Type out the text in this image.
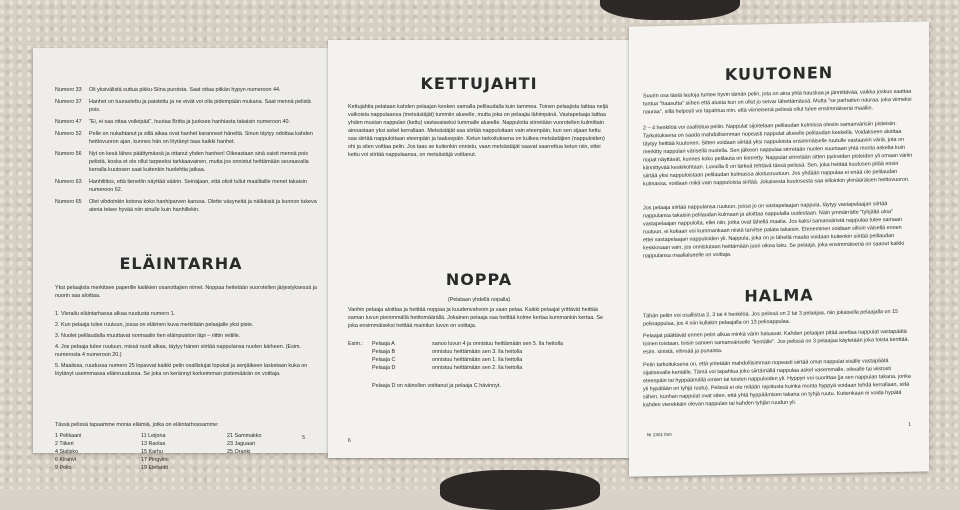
Numero 33	Oli yksivälistä suttua pikku-Siina puroista. Saat ottaa pitkän hypyn numeroon 44.
Numero 37	Hanhet on tuurastettu ja paistettu ja ne eivät voi olla pidempään mukana. Saat mennä pelistä pois.
Numero 47	"Ei, ei saa ottaa voileipää", huutaa Britta ja juoksee hanhiasta takaisin numeroon 40.
Numero 52	Pelle on nukahtanut ja sillä aikaa ovat hanhet karanneet häneltä. Sinun täytyy odottaa kahden heittovuoron ajan, kunnes hän on löytänyt taas kaikki hanhet.
Numero 56	Nyt on kesä lähes päättymässä ja ottanut yhden hanhen! Oikeastaan sinä saisit mennä pois pelistä, koska et ole ollut tarpeeksi tarkkaavainen, mutta jos onnistut heittämään seuraavalla kerralla kuutosen saat kuitenkin huolehtia jatkaa.
Numero 63	Hanhiliitos, että tienetlin näyttää väärin. Seinäjaan, että olisit tullut maalilaille menet takaisin numeroon 62.
Numero 65	Olet vihdoinkin kotona koko hanhiparven kanssa. Olette väsyneitä ja nälkäisiä ja kunnon tukeva ateria tekee hyvää niin sinulle kuin hanhillekin.
ELÄINTARHA
Yksi pelaajista merkitsee paperille kaikkien osanottajien nimet. Noppaa heitetään vuorotellen järjestyksessä ja nuorin saa aloittaa.
1. Vierailu eläintarhassa alkaa ruudusta numero 1.
2. Kun pelaaja tulee ruutuun, jossa on eläimen kuva merkitään pelaajalle yksi piste.
3. Nuolet pelilaudalla muuttavat normaalin tien eläinpuiston läpi – riittin reitille.
4. Jos pelaaja tulee ruutuun, missä nuoli alkaa, täytyy hänen siirtää nappulansa nuolen kärkeen. (Esim. numerosta 4 numeroon 20.)
5. Maalissa, ruudussa numero 25 lopavvat kaikki pelin osallistujat lopukal ja senjälkeen lasketaan kuka on löytänyt useimmassa eläinruudussa. Se joka on kerännyt korkeimman pistemäärän on voittaja.
Tässä pelissä tapaamme monia eläimiä, jotka on eläintarhossamme:
1 Pelikaani	11 Leijona	21 Sammakko
2 Tiikeri	13 Raolas	23 Jaguaari
4 Sialisko	15 Karhu	25 Oranki
6 Kirahvi	17 Pingviini
9 Pollo	19 Elefantti
5
KETTUJAHTI
Kettujahtia pelataan kahden pelaajan kesken samalla pelilaudalla kuin tammea. Toinen pelaajista laittaa neljä valkoista nappulaansa (metsästäjät) tummiin alueelle, mutta joka on pelaajia lähimpänä. Vastapelaaja laittaa yhden mustan nappulan (kettu) vastavaiseksi tummalle alueelle. Nappuloita siirretään vuorotellen kulmittain ainoastaan yksi askel kerrallaan. Metsästäjät saa siirtää nappuloitaan vain eteenpäin, kun sen sijaan kettu saa siirtää nappuloitaan eteenpäin ja taaksepäin. Ketun tarkoituksena on kulkea metsästäjien (nappuloiden) ohi ja siten voittaa pelin. Jos taas se kuitenkin onnistu, vaan metsästäjät saavat saarrettua ketun niin, ettei kettu voi siirtää nappulaansa, on metsästäjä voittanut.
NOPPA
(Pelataan yhdellä nopalla)
Vanhin pelaaja aloittaa ja heittää noppaa ja kuudenvahvoin ja vaan pelaa. Kaikki pelaajat yrittävät heittää saman luvun pienimmällä heittomäärällä. Jokainen pelaaja saa heittää kolme kertaa kummankin kertaa. Se joka ensimmäiseksi heittää mainitun luvun on voittaja.
Esim.:	Pelaaja A	sanoo luvun 4 ja onnistuu heittämään sen 5. lla heitolla
Pelaaja B	onnistuu heittämään sen 3. lla heitolla
Pelaaja C	onnistuu heittämään sen 1. lla heitolla
Pelaaja D	onnistuu heittämään sen 2. lla heitolla
Pelaaja D on näinollen voittanut ja pelaaja C hävinnyt.
6
KUUTONEN
Suurin osa tästä lautoja tuntee hyvin tämän pelin, jota on aina yhtä hauskaa ja jännittävää, vaikka joskus saattaa tuntua "haasutta" siihen että alusta kun on ollut jo seivar lähettämässä. Mutta "se parhaiten nauraa, joka viimeksi nauraa", sillä helposti voi tapahtua niin, että viimeisenä pelissä ollut tulee ensimmäisenä maaliin.
2 – 4 henkilöä voi osallistua peliin. Nappulat sijoitetaan pelilaudan kulmissa oleviin samanvärisiin pisteisiin. Tarkoituksena on saada mahdollisimman nopeasti nappulat alueelle pelilaudan keskellä. Voidakseen aloittaa täytyy heittää kuutonen. Sitten voidaan siirtää yksi nappuloista ensimmäiselle ruutulle vastaaviin väriä, jota on merkitty nappulan värisellä nuolella. Sen jälkeen nappulaa siirretään nuolen suuntaan yhtä monta askelta kuin nopat näyttävät, kunnes koko pelilauta on kierretty. Nappulat siirretään sitten pyöreiden pisteiden yli omaan väriin kiinnittyvää keskikohtaan. Luvuilla 6 on tärkeä tehtävä tässä pelissä. Sen, joka heittää kuutosen pitää ensin siirtää yksi nappuloistaan pelilaudan kulmassa aloitusruutuun. Jos yhdään nappulaa ei enää ole pelilaudan kulmassa, voidaan mikä vain nappuloista siirtää. Jokaisesta kuutosesta saa silloinkin ylimääräisen heittovuoron.
Jos pelaaja siirtää nappulansa ruutuun, jossa jo on vastapelaajan nappula, täytyy vastapelaajan siirtää nappulansa takaisin pelilaudan kulmaan ja aloittaa nappulalla uudestaan. Näin ymmärrätte "tyhjältä uloa" vastapelaajan nappuloita, ellei niin, jotka ovat lähellä maalia. Jos kaksi samanväristä nappulaa tulee samaan ruutuun, ei kukaan voi kummankaan niistä tarvitse palata takaisin. Eteneminen voidaan silloin väisellä ennen ettei vastapelaajan nappuloiden yli. Nappula, joka on jo lähellä maalia voidaan kuitenkin siirtää pelilaudan keskiosaan vain, jos onnistutaan heittämään juuri oikea luku. Se pelaaja, joka ensimmäisenä on saanut kaikki nappulansa maalialueelle on voittaja.
HALMA
Tähän peliin voi osallistua 2, 3 tai 4 henkilöä. Jos pelissä on 2 tai 3 pelaajaa, niin jokaisella pelaajalla on 15 pelinappulaa, jos 4 niin kullakin pelaajalla on 13 pelinappulaa.
Pelaajat päättävät ennen pelin alkua minkä värin haluavat. Kahden pelaajan pitää asettaa nappulat vastapäätä toinen toistaan, toisin sanoen samanväriselle "kentälle". Jos pelissä on 3 pelaajaa käytetään joka toista kenttää, esim. sinistä, vihreää ja punaista.
Pelin tarkoituksena on, että yritetään mahdollisimman nopeasti siirtää omat nappulat sisälle vastapäätä sijaitsevalle kentälle. Tämä voi tapahtua joko siirtämällä nappulaa askel vasemmalle, oikealle tai viistosti eteenpäin tai hyppäämällä omien tai toisten nappuloiden yli. Hyppyn voi suorittaa (ja sen nappulan takana, jonka yli hypätään on tyhjä ruutu). Pelissä ei ole mitään rajoitusta kuinka monta hyppyä voidaan tehdä kerrallaan, siitä siihen, kunhan nappulat ovat siten, että yhtä hyppäämisen takana on tyhjä ruutu. Kuitenkaan ei voida hypätä kahden vierekkäin olevan nappulan tai kahden tyhjän ruudun yli.
Nr 2301 fnm
1
